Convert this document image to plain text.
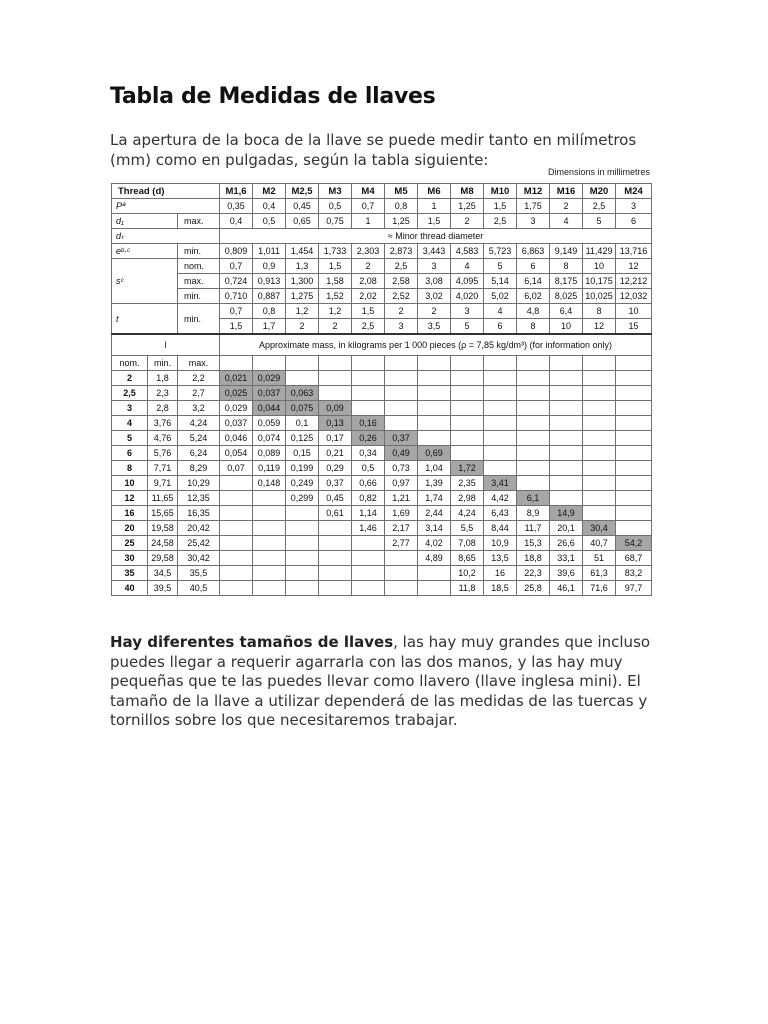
Tabla de Medidas de llaves

La apertura de la boca de la llave se puede medir tanto en milímetros (mm) como en pulgadas, según la tabla siguiente:

Dimensions in millimetres
Thread (d)			M1,6	M2	M2,5	M3	M4	M5	M6	M8	M10	M12	M16	M20	M24
Pª			0,35	0,4	0,45	0,5	0,7	0,8	1	1,25	1,5	1,75	2	2,5	3
d₁		max.	0,4	0,5	0,65	0,75	1	1,25	1,5	2	2,5	3	4	5	6
dₜ			≈ Minor thread diameter												
eᵇ·ᶜ		min.	0,809	1,011	1,454	1,733	2,303	2,873	3,443	4,583	5,723	6,863	9,149	11,429	13,716
sᶜ		nom.	0,7	0,9	1,3	1,5	2	2,5	3	4	5	6	8	10	12
		max.	0,724	0,913	1,300	1,58	2,08	2,58	3,08	4,095	5,14	6,14	8,175	10,175	12,212
		min.	0,710	0,887	1,275	1,52	2,02	2,52	3,02	4,020	5,02	6,02	8,025	10,025	12,032
t		min.	0,7	0,8	1,2	1,2	1,5	2	2	3	4	4,8	6,4	8	10
			1,5	1,7	2	2	2,5	3	3,5	5	6	8	10	12	15
l			Approximate mass, in kilograms per 1 000 pieces (ρ = 7,85 kg/dm³) (for information only)												
nom.	min.	max.													
2	1,8	2,2	0,021	0,029											
2,5	2,3	2,7	0,025	0,037	0,063										
3	2,8	3,2	0,029	0,044	0,075	0,09									
4	3,76	4,24	0,037	0,059	0,1	0,13	0,16								
5	4,76	5,24	0,046	0,074	0,125	0,17	0,26	0,37							
6	5,76	6,24	0,054	0,089	0,15	0,21	0,34	0,49	0,69						
8	7,71	8,29	0,07	0,119	0,199	0,29	0,5	0,73	1,04	1,72					
10	9,71	10,29		0,148	0,249	0,37	0,66	0,97	1,39	2,35	3,41				
12	11,65	12,35			0,299	0,45	0,82	1,21	1,74	2,98	4,42	6,1			
16	15,65	16,35				0,61	1,14	1,69	2,44	4,24	6,43	8,9	14,9		
20	19,58	20,42					1,46	2,17	3,14	5,5	8,44	11,7	20,1	30,4	
25	24,58	25,42						2,77	4,02	7,08	10,9	15,3	26,6	40,7	54,2
30	29,58	30,42							4,89	8,65	13,5	18,8	33,1	51	68,7
35	34,5	35,5								10,2	16	22,3	39,6	61,3	83,2
40	39,5	40,5								11,8	18,5	25,8	46,1	71,6	97,7

Hay diferentes tamaños de llaves, las hay muy grandes que incluso puedes llegar a requerir agarrarla con las dos manos, y las hay muy pequeñas que te las puedes llevar como llavero (llave inglesa mini). El tamaño de la llave a utilizar dependerá de las medidas de las tuercas y tornillos sobre los que necesitaremos trabajar.
